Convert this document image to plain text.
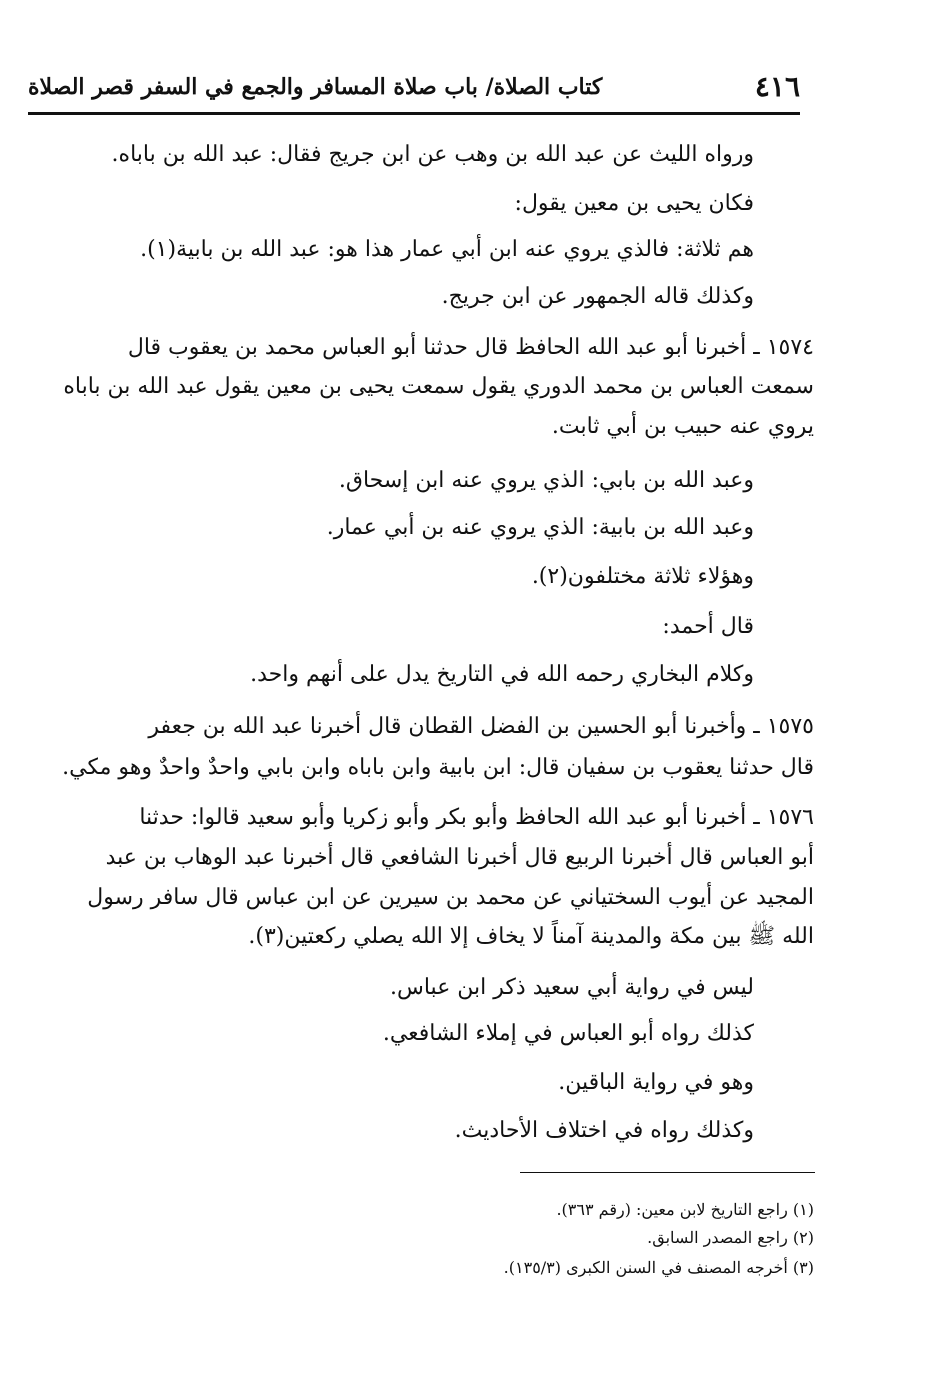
٤١٦
كتاب الصلاة/ باب صلاة المسافر والجمع في السفر قصر الصلاة
ورواه الليث عن عبد الله بن وهب عن ابن جريج فقال: عبد الله بن باباه.
فكان يحيى بن معين يقول:
هم ثلاثة: فالذي يروي عنه ابن أبي عمار هذا هو: عبد الله بن بابية(١).
وكذلك قاله الجمهور عن ابن جريج.
١٥٧٤ ـ أخبرنا أبو عبد الله الحافظ قال حدثنا أبو العباس محمد بن يعقوب قال
سمعت العباس بن محمد الدوري يقول سمعت يحيى بن معين يقول عبد الله بن باباه
يروي عنه حبيب بن أبي ثابت.
وعبد الله بن بابي: الذي يروي عنه ابن إسحاق.
وعبد الله بن بابية: الذي يروي عنه بن أبي عمار.
وهؤلاء ثلاثة مختلفون(٢).
قال أحمد:
وكلام البخاري رحمه الله في التاريخ يدل على أنهم واحد.
١٥٧٥ ـ وأخبرنا أبو الحسين بن الفضل القطان قال أخبرنا عبد الله بن جعفر
قال حدثنا يعقوب بن سفيان قال: ابن بابية وابن باباه وابن بابي واحدٌ واحدٌ وهو مكي.
١٥٧٦ ـ أخبرنا أبو عبد الله الحافظ وأبو بكر وأبو زكريا وأبو سعيد قالوا: حدثنا
أبو العباس قال أخبرنا الربيع قال أخبرنا الشافعي قال أخبرنا عبد الوهاب بن عبد
المجيد عن أيوب السختياني عن محمد بن سيرين عن ابن عباس قال سافر رسول
الله ﷺ بين مكة والمدينة آمناً لا يخاف إلا الله يصلي ركعتين(٣).
ليس في رواية أبي سعيد ذكر ابن عباس.
كذلك رواه أبو العباس في إملاء الشافعي.
وهو في رواية الباقين.
وكذلك رواه في اختلاف الأحاديث.
(١) راجع التاريخ لابن معين: (رقم ٣٦٣).
(٢) راجع المصدر السابق.
(٣) أخرجه المصنف في السنن الكبرى (١٣٥/٣).
